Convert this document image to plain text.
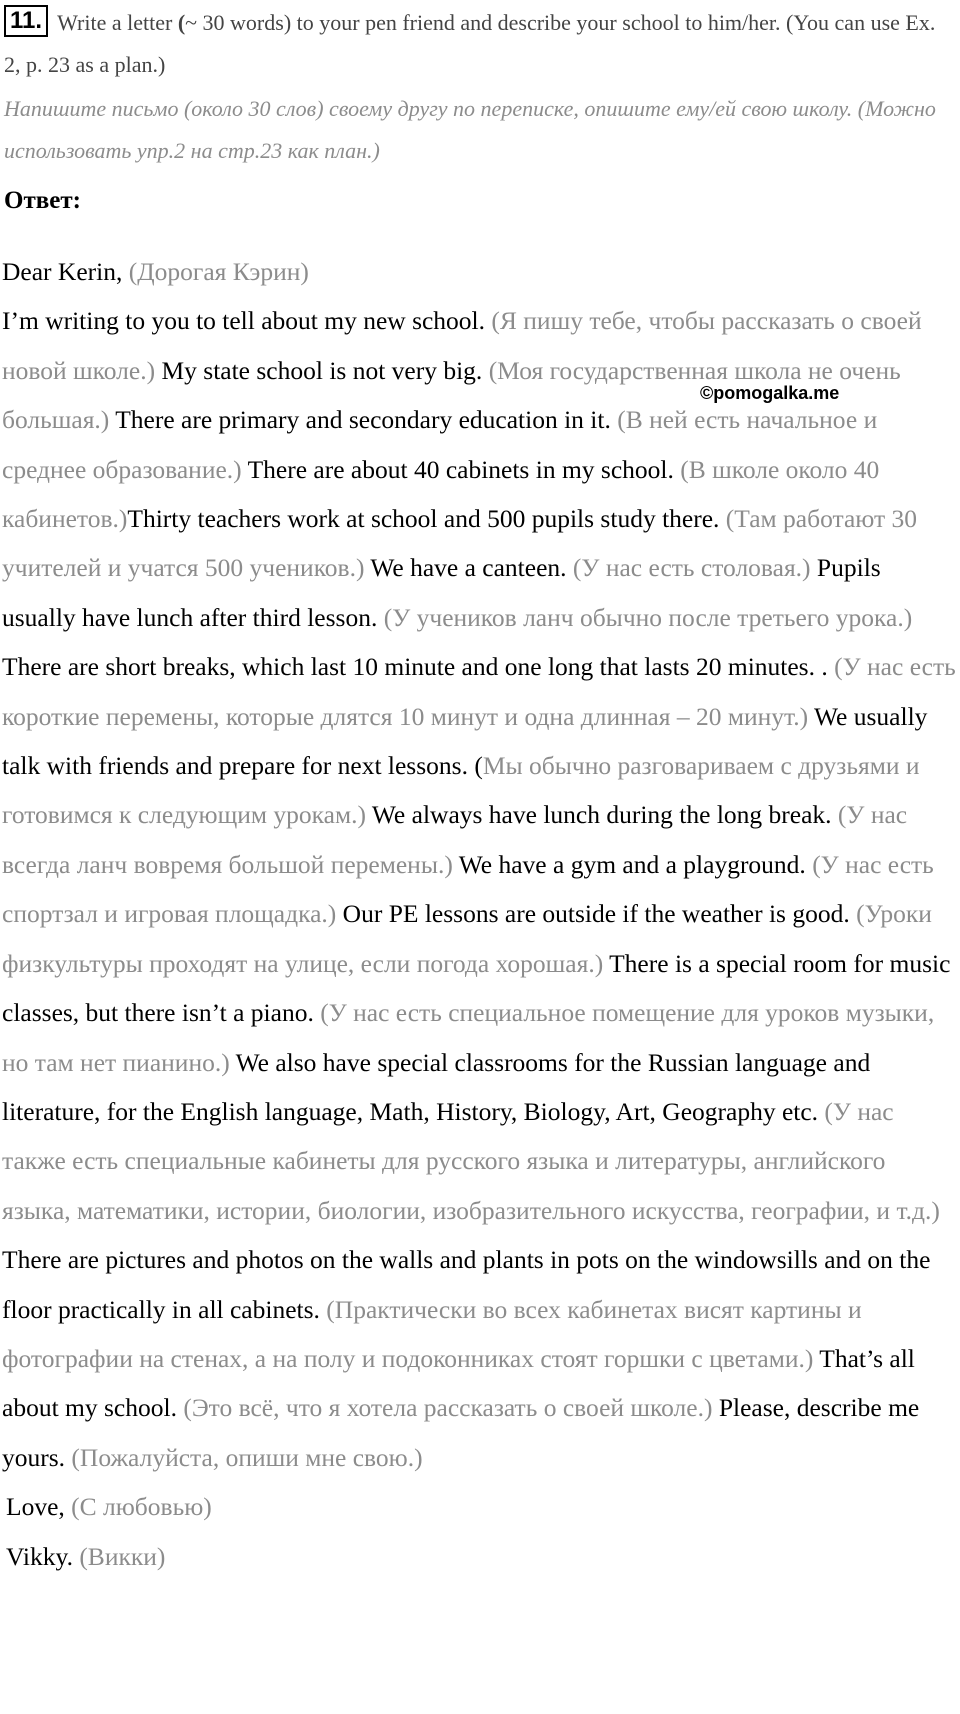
11. Write a letter (~ 30 words) to your pen friend and describe your school to him/her. (You can use Ex. 2, p. 23 as a plan.)
Напишите письмо (около 30 слов) своему другу по переписке, опишите ему/ей свою школу. (Можно использовать упр.2 на стр.23 как план.)
Ответ:
©pomogalka.me

Dear Kerin, (Дорогая Кэрин)

I’m writing to you to tell about my new school. (Я пишу тебе, чтобы рассказать о своей новой школе.) My state school is not very big. (Моя государственная школа не очень большая.) There are primary and secondary education in it. (В ней есть начальное и среднее образование.) There are about 40 cabinets in my school. (В школе около 40 кабинетов.)Thirty teachers work at school and 500 pupils study there. (Там работают 30 учителей и учатся 500 учеников.) We have a canteen. (У нас есть столовая.) Pupils usually have lunch after third lesson. (У учеников ланч обычно после третьего урока.) There are short breaks, which last 10 minute and one long that lasts 20 minutes. . (У нас есть короткие перемены, которые длятся 10 минут и одна длинная – 20 минут.) We usually talk with friends and prepare for next lessons. (Мы обычно разговариваем с друзьями и готовимся к следующим урокам.) We always have lunch during the long break. (У нас всегда ланч вовремя большой перемены.) We have a gym and a playground. (У нас есть спортзал и игровая площадка.) Our PE lessons are outside if the weather is good. (Уроки физкультуры проходят на улице, если погода хорошая.) There is a special room for music classes, but there isn’t a piano. (У нас есть специальное помещение для уроков музыки, но там нет пианино.) We also have special classrooms for the Russian language and literature, for the English language, Math, History, Biology, Art, Geography etc. (У нас также есть специальные кабинеты для русского языка и литературы, английского языка, математики, истории, биологии, изобразительного искусства, географии, и т.д.) There are pictures and photos on the walls and plants in pots on the windowsills and on the floor practically in all cabinets. (Практически во всех кабинетах висят картины и фотографии на стенах, а на полу и подоконниках стоят горшки с цветами.) That’s all about my school. (Это всё, что я хотела рассказать о своей школе.) Please, describe me yours. (Пожалуйста, опиши мне свою.)

Love, (С любовью)

Vikky. (Викки)
